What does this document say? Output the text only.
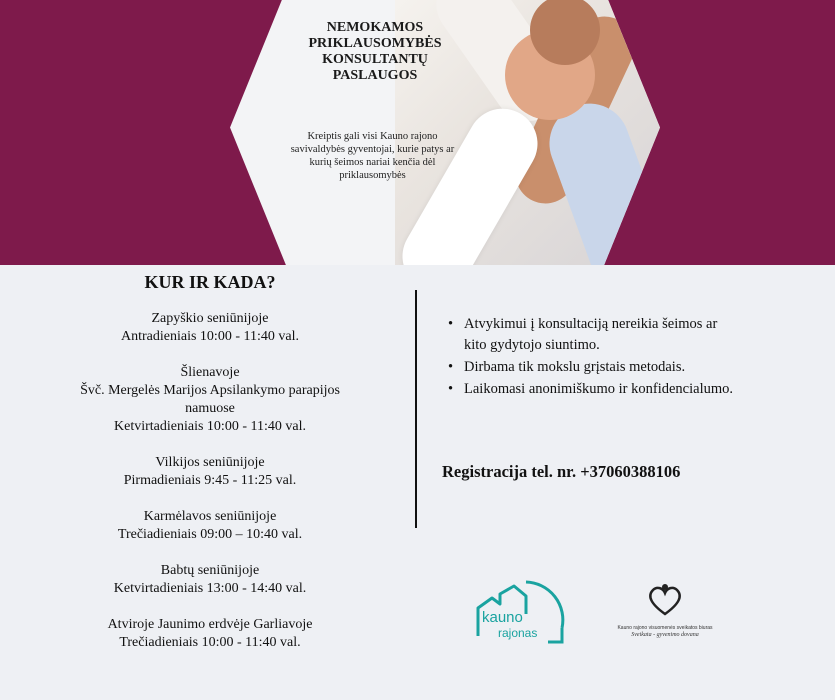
NEMOKAMOS PRIKLAUSOMYBĖS KONSULTANTŲ PASLAUGOS

Kreiptis gali visi Kauno rajono savivaldybės gyventojai, kurie patys ar kurių šeimos nariai kenčia dėl priklausomybės

KUR IR KADA?
Zapyškio seniūnijoje
Antradieniais 10:00 - 11:40 val.
Šlienavoje
Švč. Mergelės Marijos Apsilankymo parapijos
namuose
Ketvirtadieniais 10:00 - 11:40 val.
Vilkijos seniūnijoje
Pirmadieniais 9:45 - 11:25 val.
Karmėlavos seniūnijoje
Trečiadieniais 09:00 – 10:40 val.
Babtų seniūnijoje
Ketvirtadieniais 13:00 - 14:40 val.
Atviroje Jaunimo erdvėje Garliavoje
Trečiadieniais 10:00 - 11:40 val.
• Atvykimui į konsultaciją nereikia šeimos ar kito gydytojo siuntimo.
• Dirbama tik mokslu grįstais metodais.
• Laikomasi anonimiškumo ir konfidencialumo.

Registracija tel. nr. +37060388106

kauno
rajonas	Kauno rajono visuomenės sveikatos biuras
Sveikata - gyvenimo dovana
